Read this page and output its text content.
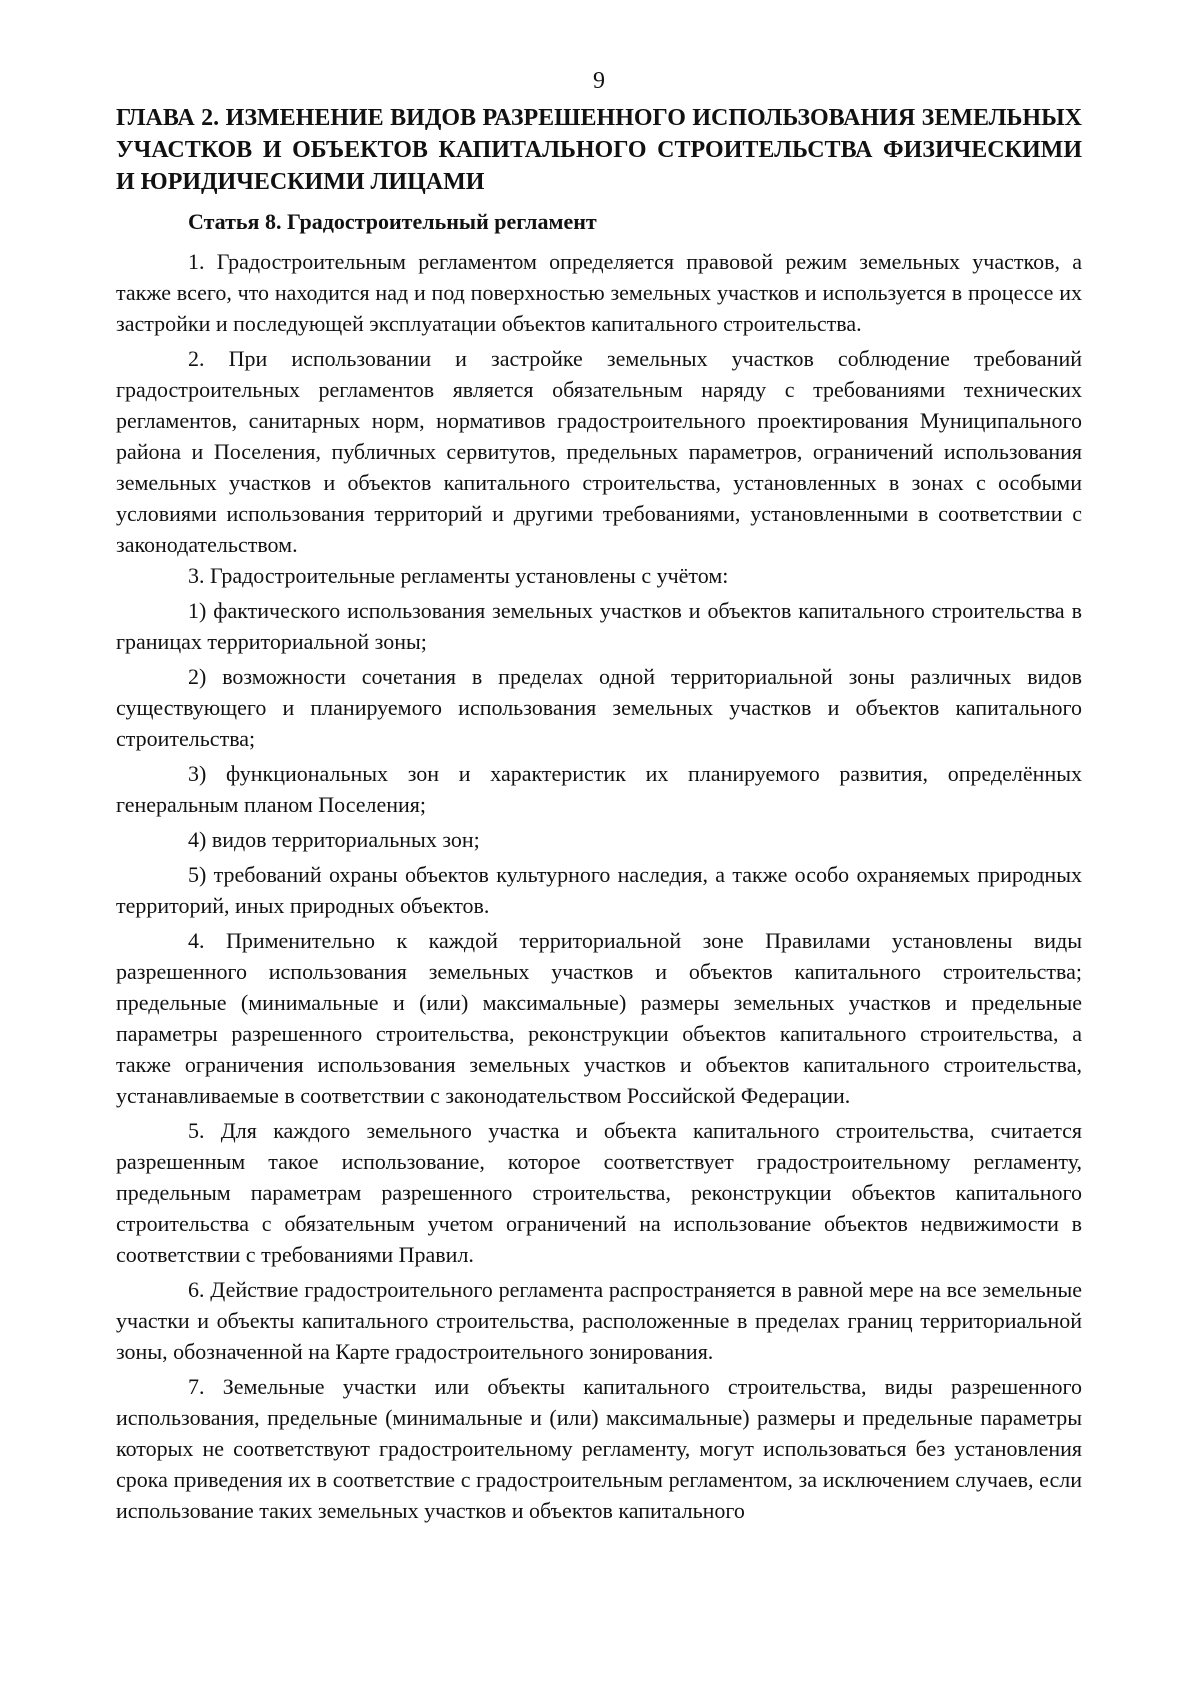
9
ГЛАВА 2. ИЗМЕНЕНИЕ ВИДОВ РАЗРЕШЕННОГО ИСПОЛЬЗОВАНИЯ ЗЕМЕЛЬНЫХ УЧАСТКОВ И ОБЪЕКТОВ КАПИТАЛЬНОГО СТРОИТЕЛЬСТВА ФИЗИЧЕСКИМИ И ЮРИДИЧЕСКИМИ ЛИЦАМИ
Статья 8. Градостроительный регламент

1. Градостроительным регламентом определяется правовой режим земельных участков, а также всего, что находится над и под поверхностью земельных участков и используется в процессе их застройки и последующей эксплуатации объектов капитального строительства.

2. При использовании и застройке земельных участков соблюдение требований градостроительных регламентов является обязательным наряду с требованиями технических регламентов, санитарных норм, нормативов градостроительного проектирования Муниципального района и Поселения, публичных сервитутов, предельных параметров, ограничений использования земельных участков и объектов капитального строительства, установленных в зонах с особыми условиями использования территорий и другими требованиями, установленными в соответствии с законодательством.

3. Градостроительные регламенты установлены с учётом:

1) фактического использования земельных участков и объектов капитального строительства в границах территориальной зоны;

2) возможности сочетания в пределах одной территориальной зоны различных видов существующего и планируемого использования земельных участков и объектов капитального строительства;

3) функциональных зон и характеристик их планируемого развития, определённых генеральным планом Поселения;

4) видов территориальных зон;

5) требований охраны объектов культурного наследия, а также особо охраняемых природных территорий, иных природных объектов.

4. Применительно к каждой территориальной зоне Правилами установлены виды разрешенного использования земельных участков и объектов капитального строительства; предельные (минимальные и (или) максимальные) размеры земельных участков и предельные параметры разрешенного строительства, реконструкции объектов капитального строительства, а также ограничения использования земельных участков и объектов капитального строительства, устанавливаемые в соответствии с законодательством Российской Федерации.

5. Для каждого земельного участка и объекта капитального строительства, считается разрешенным такое использование, которое соответствует градостроительному регламенту, предельным параметрам разрешенного строительства, реконструкции объектов капитального строительства с обязательным учетом ограничений на использование объектов недвижимости в соответствии с требованиями Правил.

6. Действие градостроительного регламента распространяется в равной мере на все земельные участки и объекты капитального строительства, расположенные в пределах границ территориальной зоны, обозначенной на Карте градостроительного зонирования.

7. Земельные участки или объекты капитального строительства, виды разрешенного использования, предельные (минимальные и (или) максимальные) размеры и предельные параметры которых не соответствуют градостроительному регламенту, могут использоваться без установления срока приведения их в соответствие с градостроительным регламентом, за исключением случаев, если использование таких земельных участков и объектов капитального
